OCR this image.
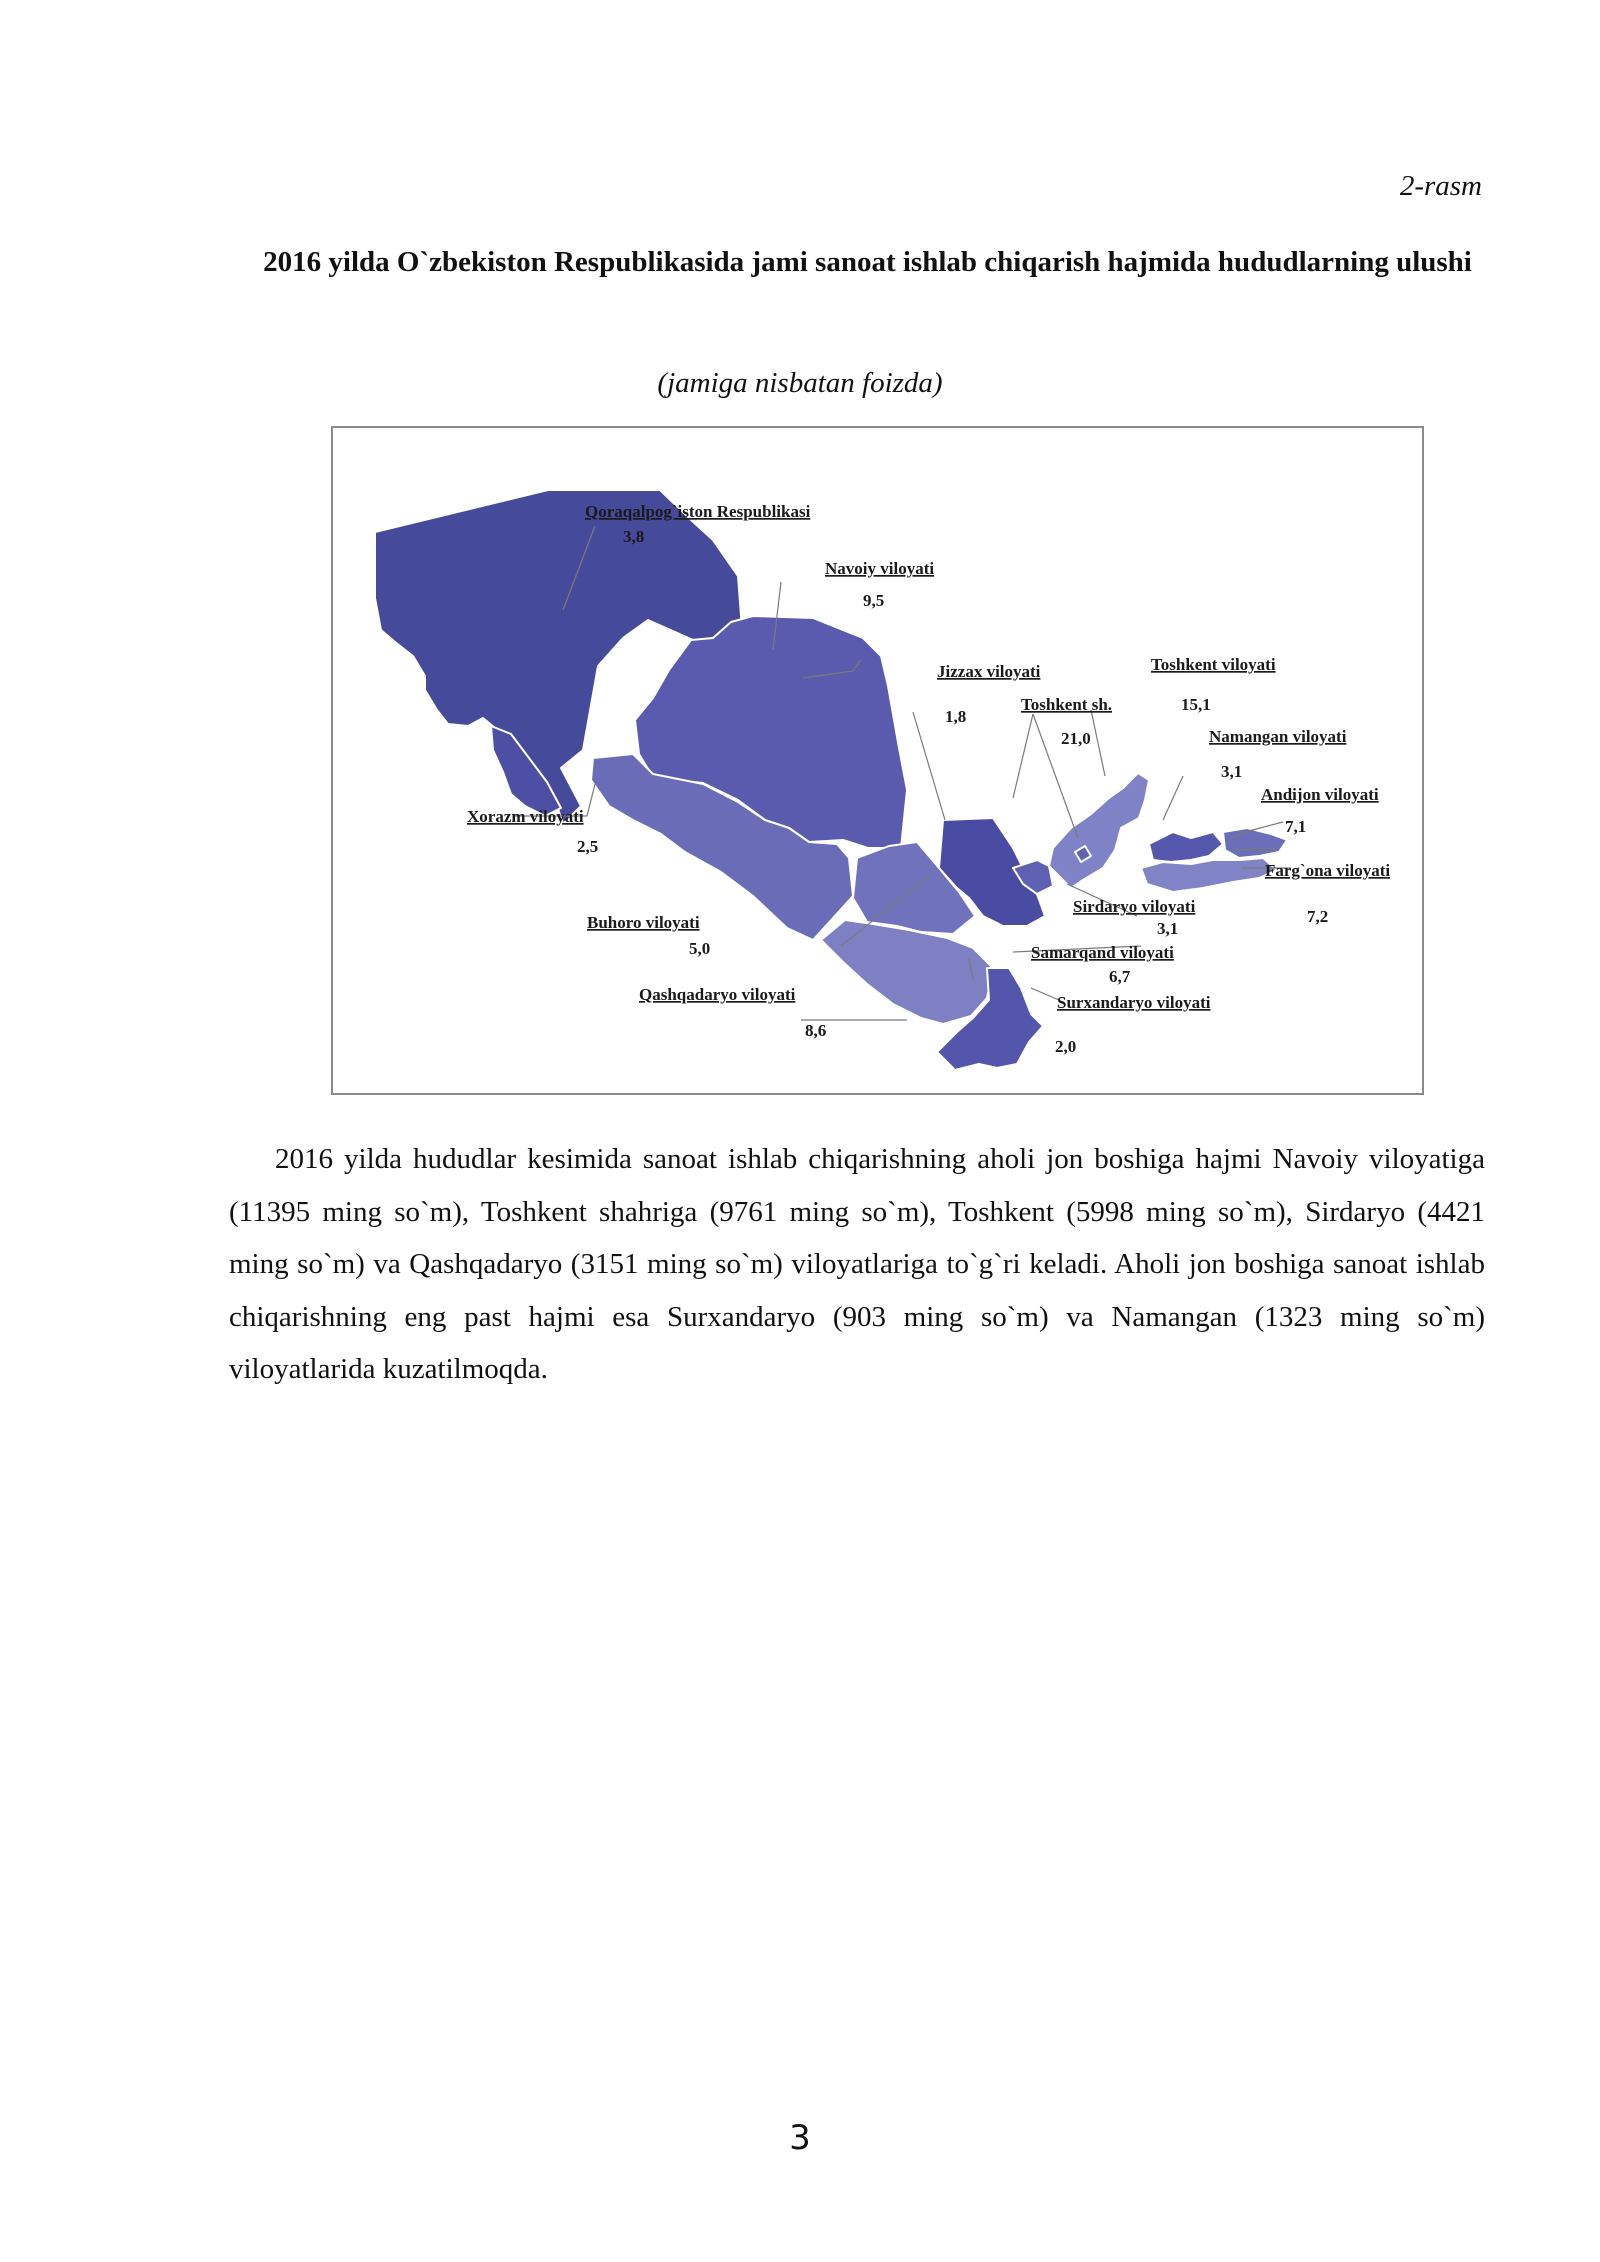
2-rasm
2016 yilda O`zbekiston Respublikasida jami sanoat ishlab chiqarish hajmida hududlarning ulushi
(jamiga nisbatan foizda)
Qoraqalpog`iston Respublikasi
3,8
Navoiy viloyati
9,5
Jizzax viloyati
1,8
Toshkent viloyati
15,1
Toshkent sh.
21,0	Namangan viloyati
3,1
Andijon viloyati
7,1
Xorazm viloyati
2,5
Farg`ona viloyati
7,2
Sirdaryo viloyati
3,1
Buhoro viloyati
5,0	Samarqand viloyati
6,7
Qashqadaryo viloyati
8,6
Surxandaryo viloyati
2,0

2016 yilda hududlar kesimida sanoat ishlab chiqarishning aholi jon boshiga hajmi Navoiy viloyatiga (11395 ming so`m), Toshkent shahriga (9761 ming so`m), Toshkent (5998 ming so`m), Sirdaryo (4421 ming so`m) va Qashqadaryo (3151 ming so`m) viloyatlariga to`g`ri keladi. Aholi jon boshiga sanoat ishlab chiqarishning eng past hajmi esa Surxandaryo (903 ming so`m) va Namangan (1323 ming so`m) viloyatlarida kuzatilmoqda.

3
